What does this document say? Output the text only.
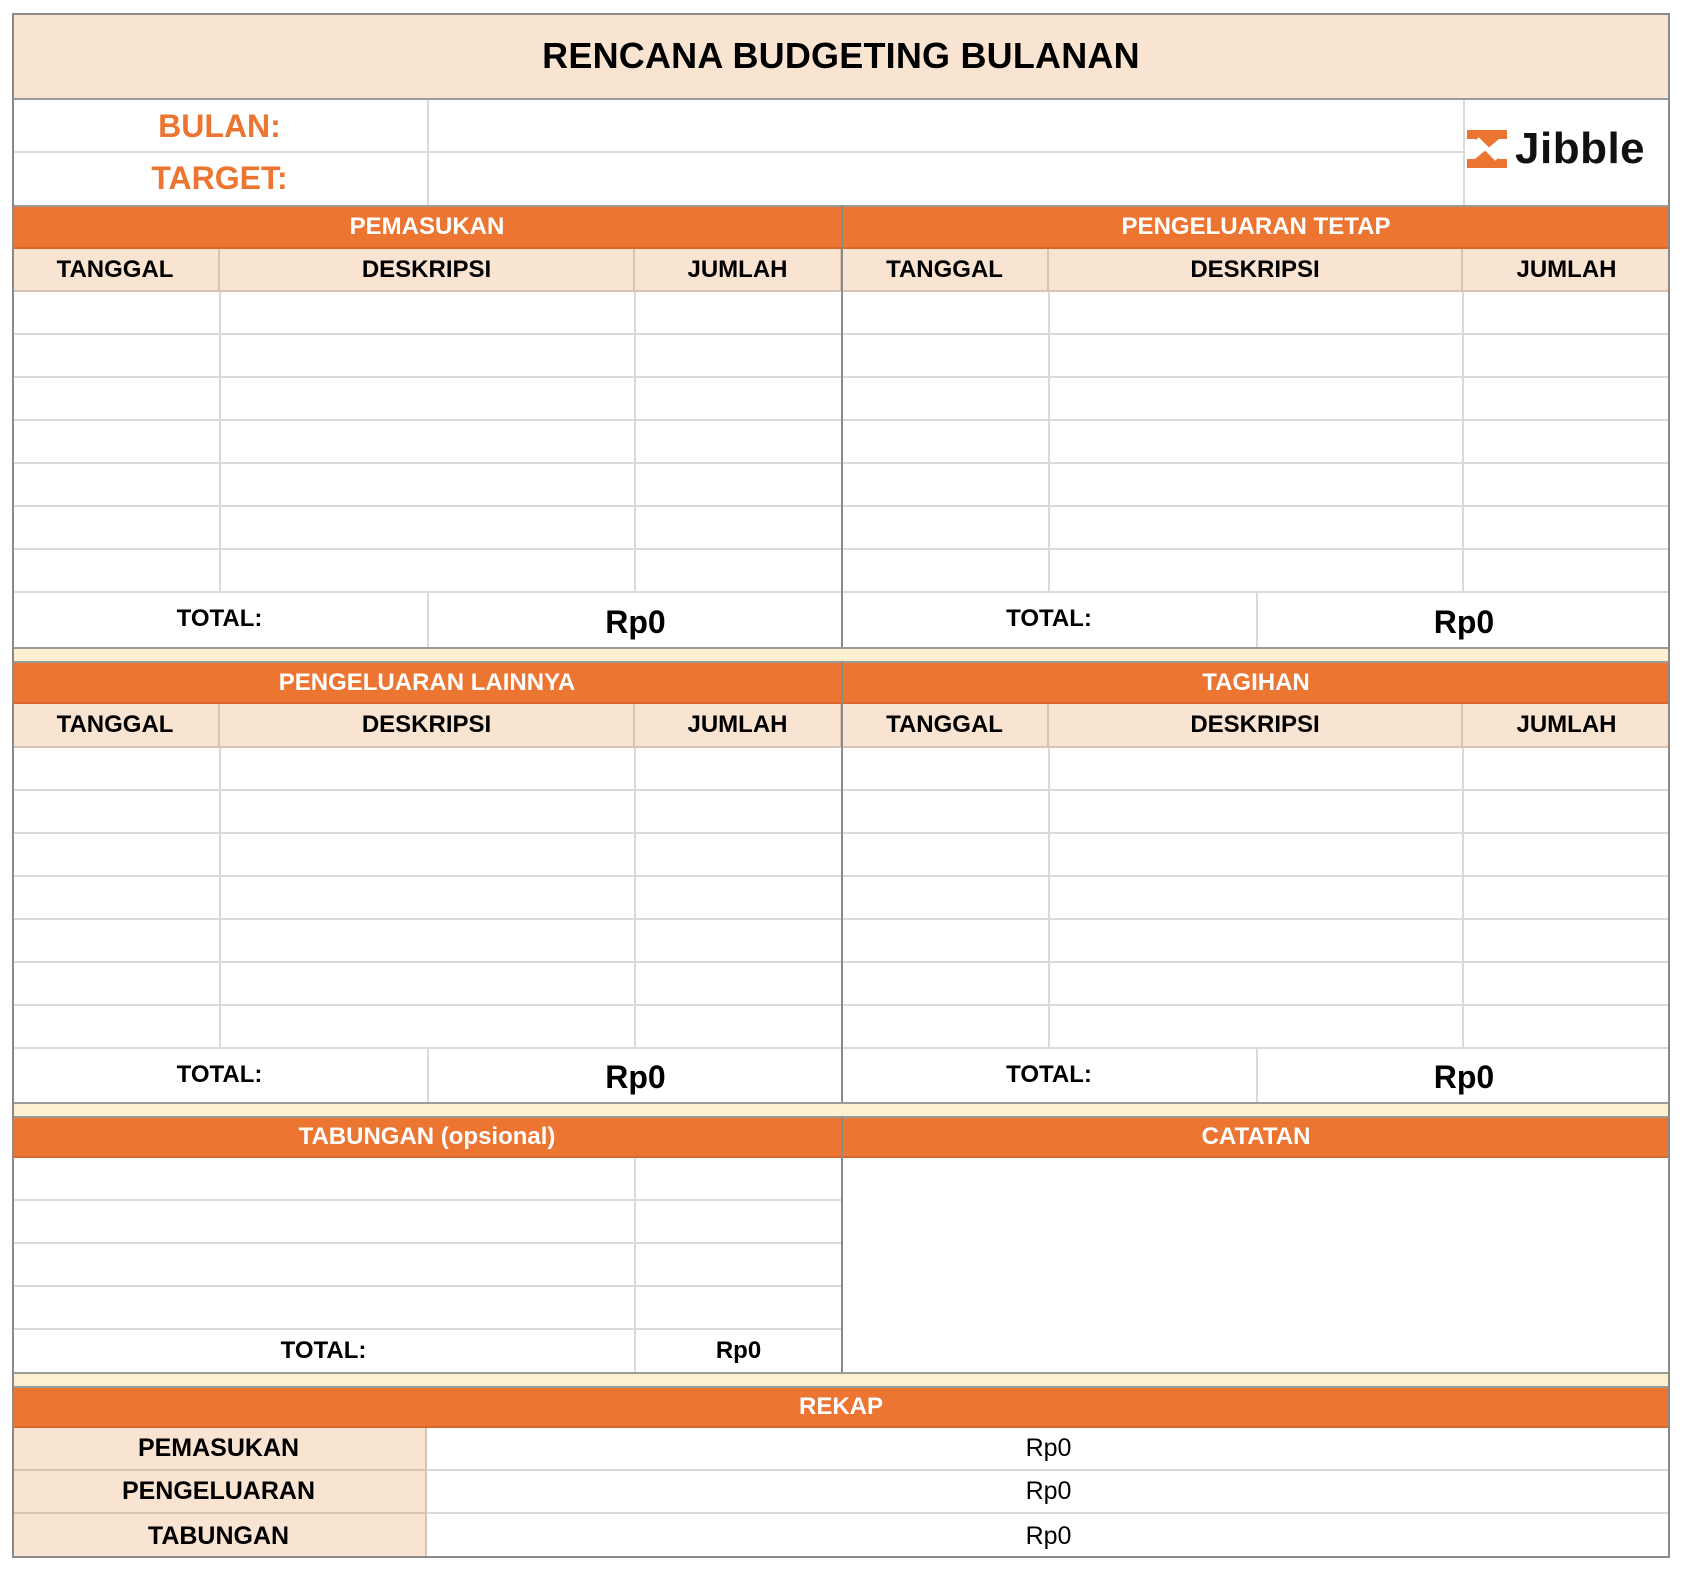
RENCANA BUDGETING BULANAN
BULAN:
TARGET:
Jibble
PEMASUKAN	PENGELUARAN TETAP
TANGGAL	DESKRIPSI	JUMLAH	TANGGAL	DESKRIPSI	JUMLAH
TOTAL:	Rp0	TOTAL:	Rp0
PENGELUARAN LAINNYA	TAGIHAN
TANGGAL	DESKRIPSI	JUMLAH	TANGGAL	DESKRIPSI	JUMLAH
TOTAL:	Rp0	TOTAL:	Rp0
TABUNGAN (opsional)	CATATAN
TOTAL:	Rp0
REKAP
PEMASUKAN	Rp0
PENGELUARAN	Rp0
TABUNGAN	Rp0
